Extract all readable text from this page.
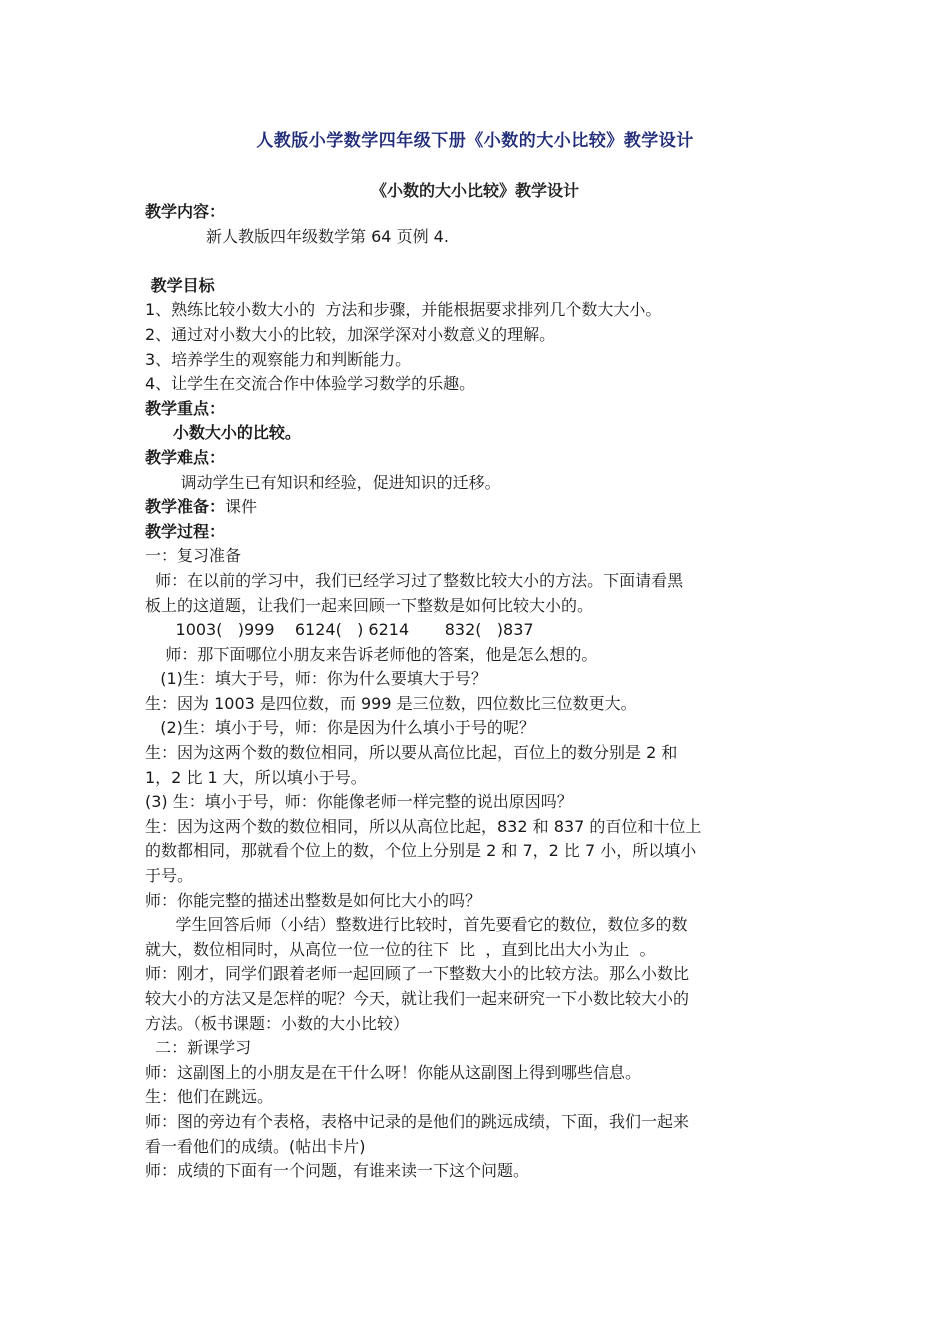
人教版小学数学四年级下册《小数的大小比较》教学设计
《小数的大小比较》教学设计
教学内容：
新人教版四年级数学第 64 页例 4.
教学目标
1、熟练比较小数大小的  方法和步骤，并能根据要求排列几个数大大小。
2、通过对小数大小的比较，加深学深对小数意义的理解。
3、培养学生的观察能力和判断能力。
4、让学生在交流合作中体验学习数学的乐趣。
教学重点：
小数大小的比较。
教学难点：
调动学生已有知识和经验，促进知识的迁移。
教学准备：课件
教学过程：
一：复习准备
师：在以前的学习中，我们已经学习过了整数比较大小的方法。下面请看黑
板上的这道题，让我们一起来回顾一下整数是如何比较大小的。
1003(   )999    6124(   ) 6214       832(   )837
师：那下面哪位小朋友来告诉老师他的答案，他是怎么想的。
(1)生：填大于号，师：你为什么要填大于号？
生：因为 1003 是四位数，而 999 是三位数，四位数比三位数更大。
(2)生：填小于号，师：你是因为什么填小于号的呢？
生：因为这两个数的数位相同，所以要从高位比起，百位上的数分别是 2 和
1，2 比 1 大，所以填小于号。
(3) 生：填小于号，师：你能像老师一样完整的说出原因吗？
生：因为这两个数的数位相同，所以从高位比起，832 和 837 的百位和十位上
的数都相同，那就看个位上的数，个位上分别是 2 和 7，2 比 7 小，所以填小
于号。
师：你能完整的描述出整数是如何比大小的吗？
学生回答后师（小结）整数进行比较时，首先要看它的数位，数位多的数
就大，数位相同时，从高位一位一位的往下  比  ，直到比出大小为止  。
师：刚才，同学们跟着老师一起回顾了一下整数大小的比较方法。那么小数比
较大小的方法又是怎样的呢？今天，就让我们一起来研究一下小数比较大小的
方法。（板书课题：小数的大小比较）
二：新课学习
师：这副图上的小朋友是在干什么呀！你能从这副图上得到哪些信息。
生：他们在跳远。
师：图的旁边有个表格，表格中记录的是他们的跳远成绩，下面，我们一起来
看一看他们的成绩。(帖出卡片)
师：成绩的下面有一个问题，有谁来读一下这个问题。
